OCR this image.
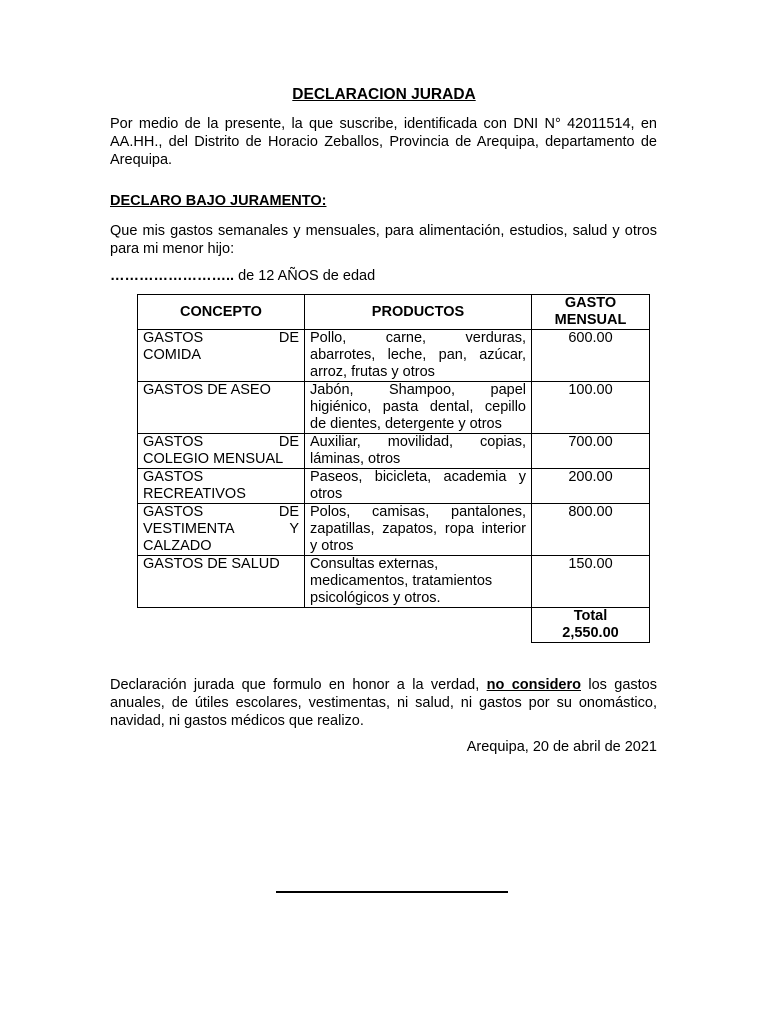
DECLARACION JURADA

Por medio de la presente, la que suscribe, identificada con DNI N° 42011514, en AA.HH., del Distrito de Horacio Zeballos, Provincia de Arequipa, departamento de Arequipa.

DECLARO BAJO JURAMENTO:

Que mis gastos semanales y mensuales, para alimentación, estudios, salud y otros para mi menor hijo:

…………………….. de 12 AÑOS de edad
CONCEPTO	PRODUCTOS	GASTO
MENSUAL

GASTOS DE
COMIDA	Pollo, carne, verduras,
abarrotes, leche, pan, azúcar,
arroz, frutas y otros	600.00

GASTOS DE ASEO	Jabón, Shampoo, papel
higiénico, pasta dental, cepillo
de dientes, detergente y otros	100.00

GASTOS DE
COLEGIO MENSUAL	Auxiliar, movilidad, copias,
láminas, otros	700.00

GASTOS
RECREATIVOS	Paseos, bicicleta, academia y
otros	200.00

GASTOS DE
VESTIMENTA Y
CALZADO	Polos, camisas, pantalones,
zapatillas, zapatos, ropa interior
y otros	800.00

GASTOS DE SALUD	Consultas externas,
medicamentos, tratamientos
psicológicos y otros.	150.00
		Total
2,550.00

Declaración jurada que formulo en honor a la verdad, no considero los gastos anuales, de útiles escolares, vestimentas, ni salud, ni gastos por su onomástico, navidad, ni gastos médicos que realizo.

Arequipa, 20 de abril de 2021
